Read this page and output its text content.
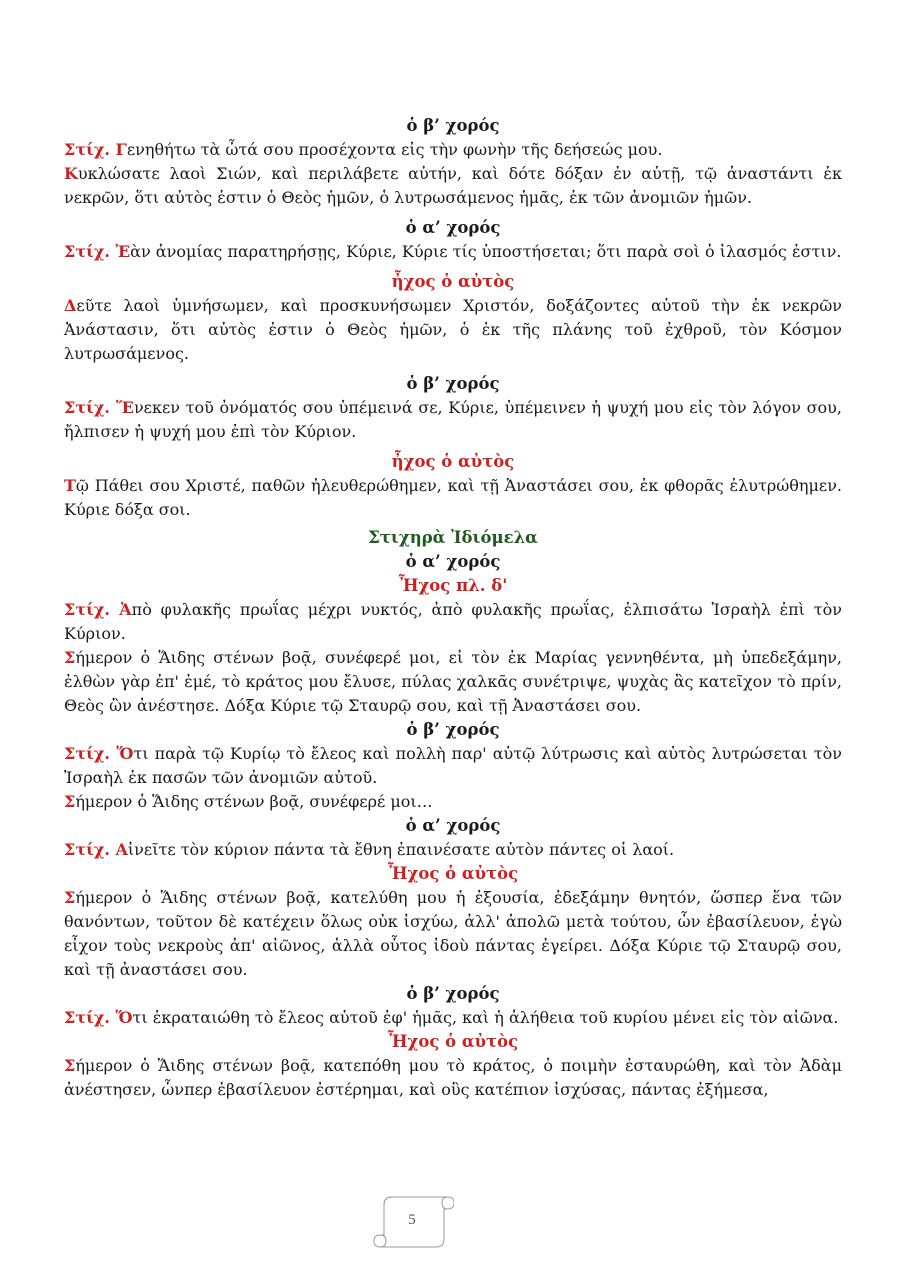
ὁ β’ χορός

Στίχ. Γενηθήτω τὰ ὦτά σου προσέχοντα εἰς τὴν φωνὴν τῆς δεήσεώς μου.

Κυκλώσατε λαοὶ Σιών, καὶ περιλάβετε αὐτήν, καὶ δότε δόξαν ἐν αὐτῇ, τῷ ἀναστάντι ἐκ νεκρῶν, ὅτι αὐτὸς ἐστιν ὁ Θεὸς ἡμῶν, ὁ λυτρωσάμενος ἡμᾶς, ἐκ τῶν ἀνομιῶν ἡμῶν.

ὁ α’ χορός

Στίχ. Ἐὰν ἀνομίας παρατηρήσῃς, Κύριε, Κύριε τίς ὑποστήσεται; ὅτι παρὰ σοὶ ὁ ἱλασμός ἐστιν.

ἦχος ὁ αὐτὸς

Δεῦτε λαοὶ ὑμνήσωμεν, καὶ προσκυνήσωμεν Χριστόν, δοξάζοντες αὐτοῦ τὴν ἐκ νεκρῶν Ἀνάστασιν, ὅτι αὐτὸς ἐστιν ὁ Θεὸς ἡμῶν, ὁ ἐκ τῆς πλάνης τοῦ ἐχθροῦ, τὸν Κόσμον λυτρωσάμενος.

ὁ β’ χορός

Στίχ. Ἕνεκεν τοῦ ὀνόματός σου ὑπέμεινά σε, Κύριε, ὑπέμεινεν ἡ ψυχή μου εἰς τὸν λόγον σου, ἤλπισεν ἡ ψυχή μου ἐπὶ τὸν Κύριον.

ἦχος ὁ αὐτὸς

Τῷ Πάθει σου Χριστέ, παθῶν ἠλευθερώθημεν, καὶ τῇ Ἀναστάσει σου, ἐκ φθορᾶς ἐλυτρώθημεν. Κύριε δόξα σοι.

Στιχηρὰ Ἰδιόμελα
ὁ α’ χορός
Ἦχος πλ. δ'

Στίχ. Ἀπὸ φυλακῆς πρωΐας μέχρι νυκτός, ἀπὸ φυλακῆς πρωΐας, ἐλπισάτω Ἰσραὴλ ἐπὶ τὸν Κύριον.

Σήμερον ὁ Ἅιδης στένων βοᾷ, συνέφερέ μοι, εἰ τὸν ἐκ Μαρίας γεννηθέντα, μὴ ὑπεδεξάμην, ἐλθὼν γὰρ ἐπ' ἐμέ, τὸ κράτος μου ἔλυσε, πύλας χαλκᾶς συνέτριψε, ψυχὰς ἃς κατεῖχον τὸ πρίν, Θεὸς ὢν ἀνέστησε. Δόξα Κύριε τῷ Σταυρῷ σου, καὶ τῇ Ἀναστάσει σου.

ὁ β’ χορός

Στίχ. Ὅτι παρὰ τῷ Κυρίῳ τὸ ἔλεος καὶ πολλὴ παρ' αὐτῷ λύτρωσις καὶ αὐτὸς λυτρώσεται τὸν Ἰσραὴλ ἐκ πασῶν τῶν ἀνομιῶν αὐτοῦ.

Σήμερον ὁ Ἅιδης στένων βοᾷ, συνέφερέ μοι…

ὁ α’ χορός

Στίχ. Αἰνεῖτε τὸν κύριον πάντα τὰ ἔθνη ἐπαινέσατε αὐτὸν πάντες οἱ λαοί.

Ἦχος ὁ αὐτὸς

Σήμερον ὁ Ἅιδης στένων βοᾷ, κατελύθη μου ἡ ἐξουσία, ἐδεξάμην θνητόν, ὥσπερ ἕνα τῶν θανόντων, τοῦτον δὲ κατέχειν ὅλως οὐκ ἰσχύω, ἀλλ' ἀπολῶ μετὰ τούτου, ὧν ἐβασίλευον, ἐγὼ εἶχον τοὺς νεκροὺς ἀπ' αἰῶνος, ἀλλὰ οὗτος ἰδοὺ πάντας ἐγείρει. Δόξα Κύριε τῷ Σταυρῷ σου, καὶ τῇ ἀναστάσει σου.

ὁ β’ χορός

Στίχ. Ὅτι ἐκραταιώθη τὸ ἔλεος αὐτοῦ ἐφ' ἡμᾶς, καὶ ἡ ἀλήθεια τοῦ κυρίου μένει εἰς τὸν αἰῶνα.

Ἦχος ὁ αὐτὸς

Σήμερον ὁ Ἅιδης στένων βοᾷ, κατεπόθη μου τὸ κράτος, ὁ ποιμὴν ἐσταυρώθη, καὶ τὸν Ἀδὰμ ἀνέστησεν, ὧνπερ ἐβασίλευον ἐστέρημαι, καὶ οὓς κατέπιον ἰσχύσας, πάντας ἐξήμεσα,

5
